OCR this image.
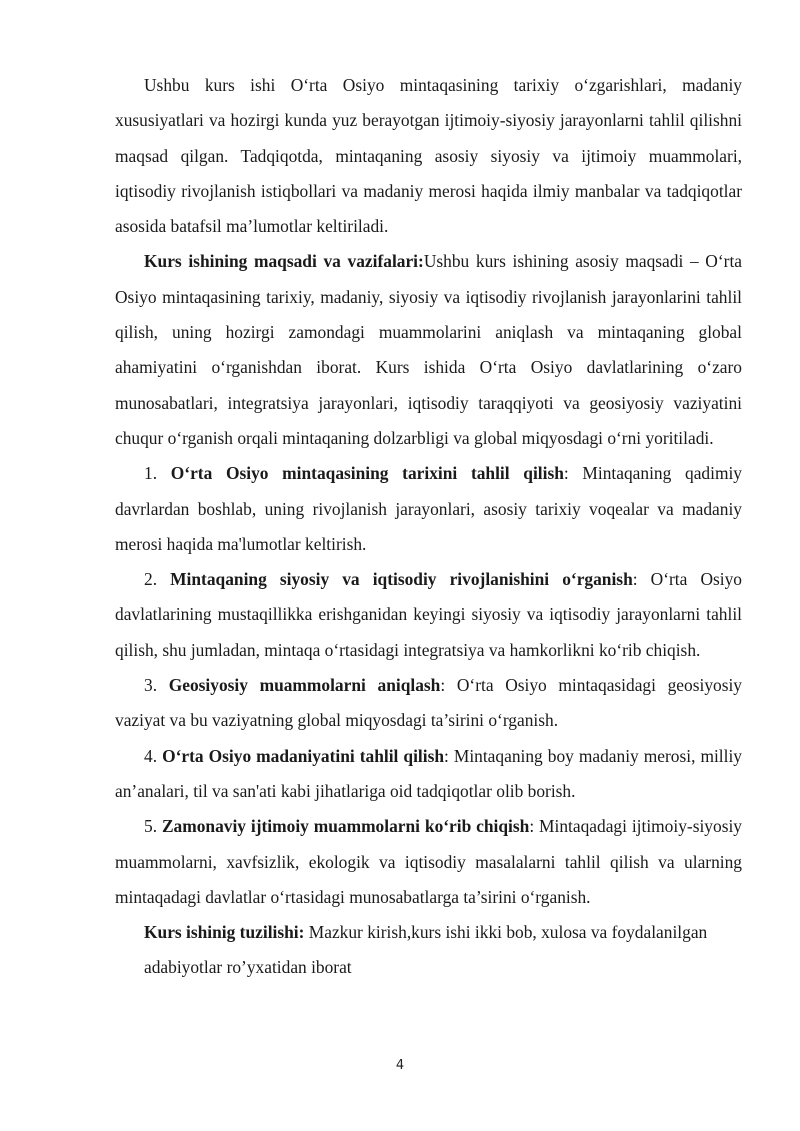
Ushbu kurs ishi O‘rta Osiyo mintaqasining tarixiy o‘zgarishlari, madaniy xususiyatlari va hozirgi kunda yuz berayotgan ijtimoiy-siyosiy jarayonlarni tahlil qilishni maqsad qilgan. Tadqiqotda, mintaqaning asosiy siyosiy va ijtimoiy muammolari, iqtisodiy rivojlanish istiqbollari va madaniy merosi haqida ilmiy manbalar va tadqiqotlar asosida batafsil ma’lumotlar keltiriladi.

Kurs ishining maqsadi va vazifalari:Ushbu kurs ishining asosiy maqsadi – O‘rta Osiyo mintaqasining tarixiy, madaniy, siyosiy va iqtisodiy rivojlanish jarayonlarini tahlil qilish, uning hozirgi zamondagi muammolarini aniqlash va mintaqaning global ahamiyatini o‘rganishdan iborat. Kurs ishida O‘rta Osiyo davlatlarining o‘zaro munosabatlari, integratsiya jarayonlari, iqtisodiy taraqqiyoti va geosiyosiy vaziyatini chuqur o‘rganish orqali mintaqaning dolzarbligi va global miqyosdagi o‘rni yoritiladi.

1. O‘rta Osiyo mintaqasining tarixini tahlil qilish: Mintaqaning qadimiy davrlardan boshlab, uning rivojlanish jarayonlari, asosiy tarixiy voqealar va madaniy merosi haqida ma'lumotlar keltirish.

2. Mintaqaning siyosiy va iqtisodiy rivojlanishini o‘rganish: O‘rta Osiyo davlatlarining mustaqillikka erishganidan keyingi siyosiy va iqtisodiy jarayonlarni tahlil qilish, shu jumladan, mintaqa o‘rtasidagi integratsiya va hamkorlikni ko‘rib chiqish.

3. Geosiyosiy muammolarni aniqlash: O‘rta Osiyo mintaqasidagi geosiyosiy vaziyat va bu vaziyatning global miqyosdagi ta’sirini o‘rganish.

4. O‘rta Osiyo madaniyatini tahlil qilish: Mintaqaning boy madaniy merosi, milliy an’analari, til va san'ati kabi jihatlariga oid tadqiqotlar olib borish.

5. Zamonaviy ijtimoiy muammolarni ko‘rib chiqish: Mintaqadagi ijtimoiy-siyosiy muammolarni, xavfsizlik, ekologik va iqtisodiy masalalarni tahlil qilish va ularning mintaqadagi davlatlar o‘rtasidagi munosabatlarga ta’sirini o‘rganish.

Kurs ishinig tuzilishi: Mazkur kirish,kurs ishi ikki bob, xulosa va foydalanilgan adabiyotlar ro’yxatidan iborat

4
